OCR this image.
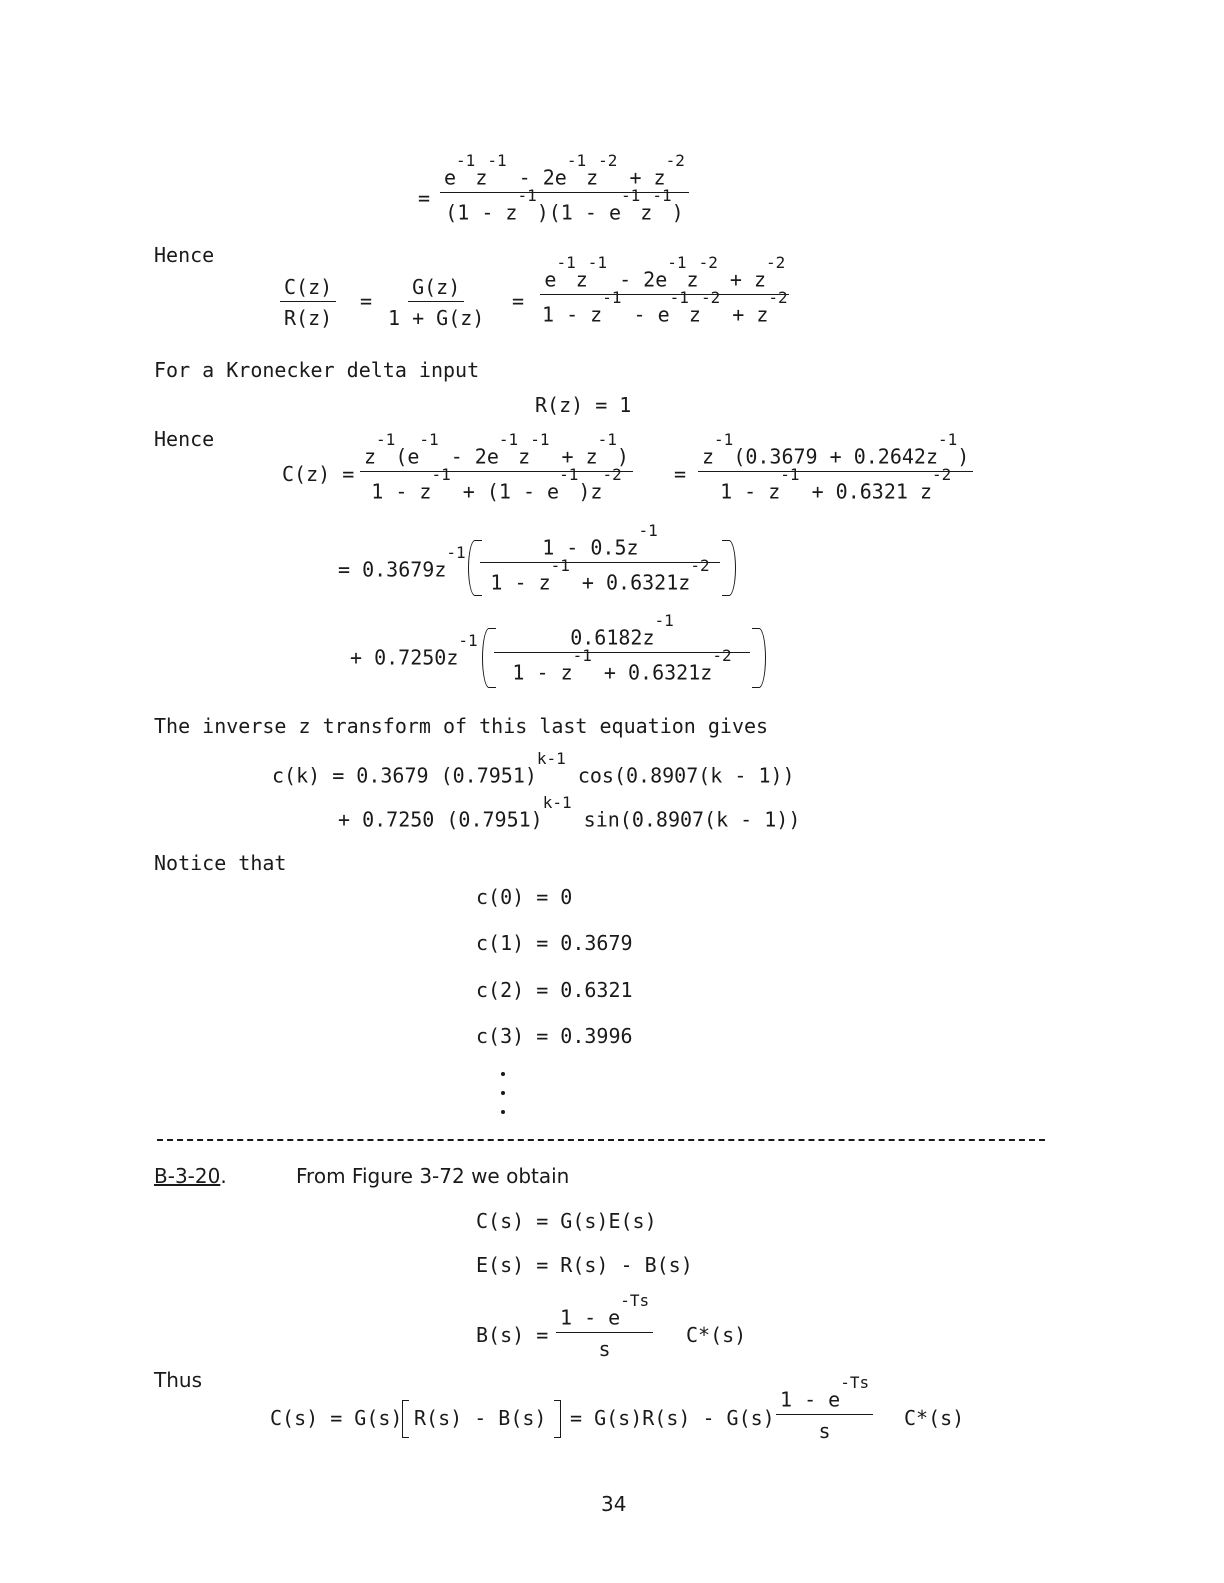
= $\frac{e^{-1}z^{-1} - 2e^{-1}z^{-2} + z^{-2}}{(1 - z^{-1})(1 - e^{-1}z^{-1})}$
Hence
$\frac{C(z)}{R(z)} = \frac{G(z)}{1 + G(z)} = \frac{e^{-1}z^{-1} - 2e^{-1}z^{-2} + z^{-2}}{1 - z^{-1} - e^{-1}z^{-2} + z^{-2}}$
For a Kronecker delta input
R(z) = 1
Hence
$C(z) = \frac{z^{-1}(e^{-1} - 2e^{-1}z^{-1} + z^{-1})}{1 - z^{-1} + (1 - e^{-1})z^{-2}} = \frac{z^{-1}(0.3679 + 0.2642z^{-1})}{1 - z^{-1} + 0.6321 z^{-2}}$
= $0.3679z^{-1} \frac{1 - 0.5z^{-1}}{1 - z^{-1} + 0.6321z^{-2}}$
+ $0.7250z^{-1} \frac{0.6182z^{-1}}{1 - z^{-1} + 0.6321z^{-2}}$
The inverse z transform of this last equation gives
c(k) = 0.3679 $(0.7951)^{k-1}$ cos(0.8907(k - 1))
+ 0.7250 $(0.7951)^{k-1}$ sin(0.8907(k - 1))
Notice that
c(0) = 0
c(1) = 0.3679
c(2) = 0.6321
c(3) = 0.3996
B-3-20.	From Figure 3-72 we obtain
C(s) = G(s)E(s)
E(s) = R(s) - B(s)
$B(s) = \frac{1 - e^{-Ts}}{s} C*(s)$
Thus
C(s) = G(s) $R(s) - B(s) = G(s)R(s) - G(s) \frac{1 - e^{-Ts}}{s} C*(s)$
34
